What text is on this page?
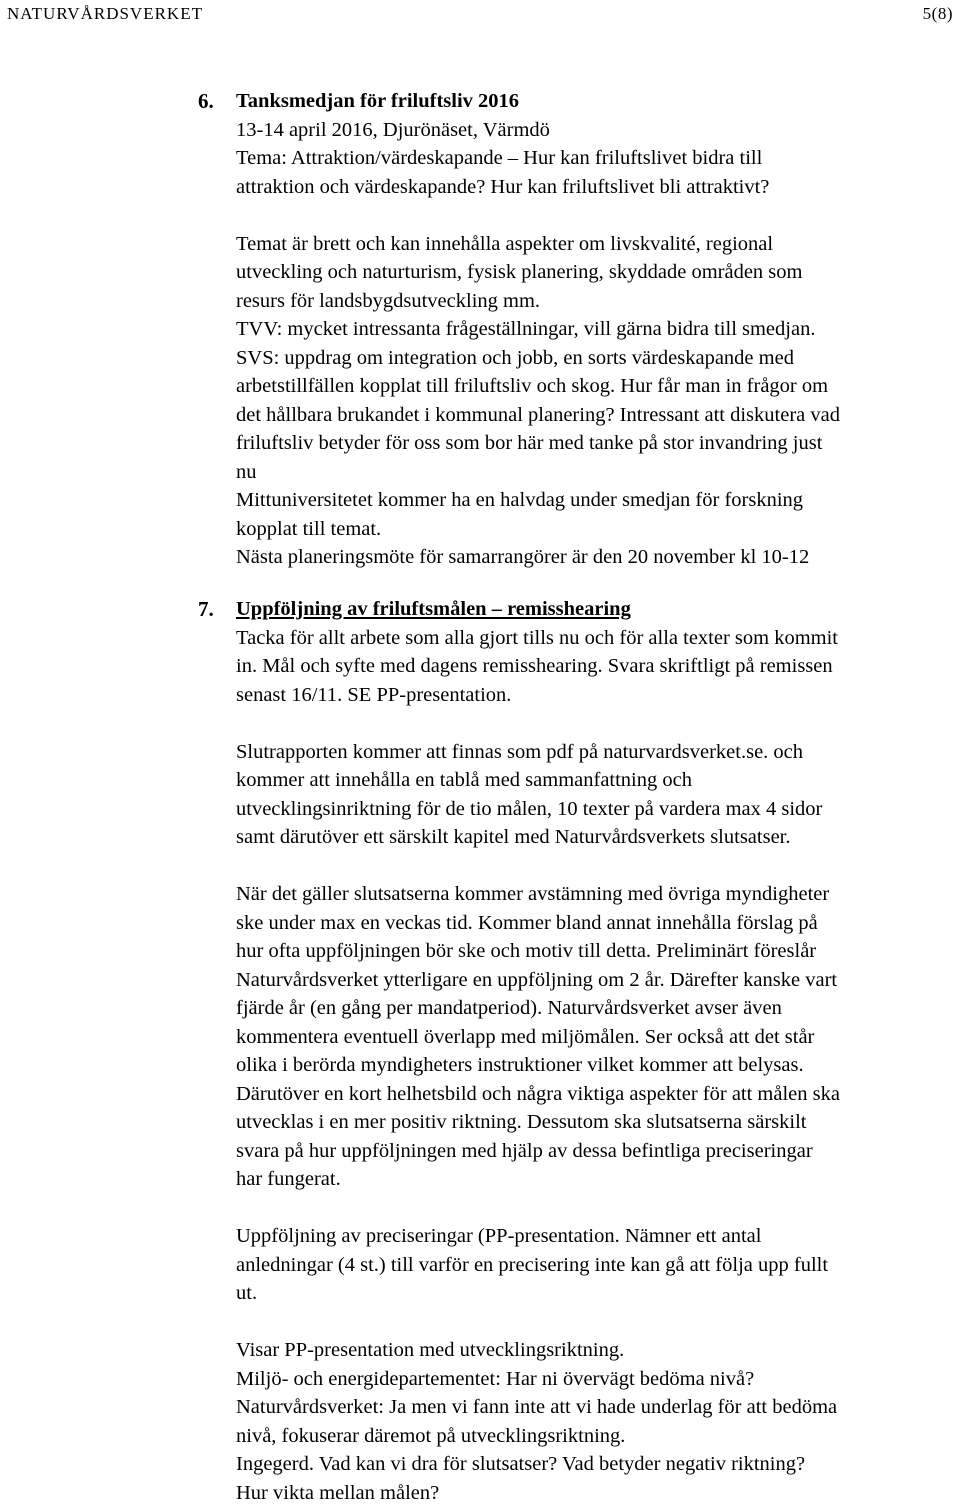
NATURVÅRDSVERKET	5(8)
6. Tanksmedjan för friluftsliv 2016
13-14 april 2016, Djurönäset, Värmdö
Tema: Attraktion/värdeskapande – Hur kan friluftslivet bidra till
attraktion och värdeskapande? Hur kan friluftslivet bli attraktivt?
Temat är brett och kan innehålla aspekter om livskvalité, regional
utveckling och naturturism, fysisk planering, skyddade områden som
resurs för landsbygdsutveckling mm.
TVV: mycket intressanta frågeställningar, vill gärna bidra till smedjan.
SVS: uppdrag om integration och jobb, en sorts värdeskapande med
arbetstillfällen kopplat till friluftsliv och skog. Hur får man in frågor om
det hållbara brukandet i kommunal planering? Intressant att diskutera vad
friluftsliv betyder för oss som bor här med tanke på stor invandring just
nu
Mittuniversitetet kommer ha en halvdag under smedjan för forskning
kopplat till temat.
Nästa planeringsmöte för samarrangörer är den 20 november kl 10-12
7. Uppföljning av friluftsmålen – remisshearing
Tacka för allt arbete som alla gjort tills nu och för alla texter som kommit
in. Mål och syfte med dagens remisshearing. Svara skriftligt på remissen
senast 16/11. SE PP-presentation.
Slutrapporten kommer att finnas som pdf på naturvardsverket.se. och
kommer att innehålla en tablå med sammanfattning och
utvecklingsinriktning för de tio målen, 10 texter på vardera max 4 sidor
samt därutöver ett särskilt kapitel med Naturvårdsverkets slutsatser.
När det gäller slutsatserna kommer avstämning med övriga myndigheter
ske under max en veckas tid. Kommer bland annat innehålla förslag på
hur ofta uppföljningen bör ske och motiv till detta. Preliminärt föreslår
Naturvårdsverket ytterligare en uppföljning om 2 år. Därefter kanske vart
fjärde år (en gång per mandatperiod). Naturvårdsverket avser även
kommentera eventuell överlapp med miljömålen. Ser också att det står
olika i berörda myndigheters instruktioner vilket kommer att belysas.
Därutöver en kort helhetsbild och några viktiga aspekter för att målen ska
utvecklas i en mer positiv riktning. Dessutom ska slutsatserna särskilt
svara på hur uppföljningen med hjälp av dessa befintliga preciseringar
har fungerat.
Uppföljning av preciseringar (PP-presentation. Nämner ett antal
anledningar (4 st.) till varför en precisering inte kan gå att följa upp fullt
ut.
Visar PP-presentation med utvecklingsriktning.
Miljö- och energidepartementet: Har ni övervägt bedöma nivå?
Naturvårdsverket: Ja men vi fann inte att vi hade underlag för att bedöma
nivå, fokuserar däremot på utvecklingsriktning.
Ingegerd. Vad kan vi dra för slutsatser? Vad betyder negativ riktning?
Hur vikta mellan målen?
